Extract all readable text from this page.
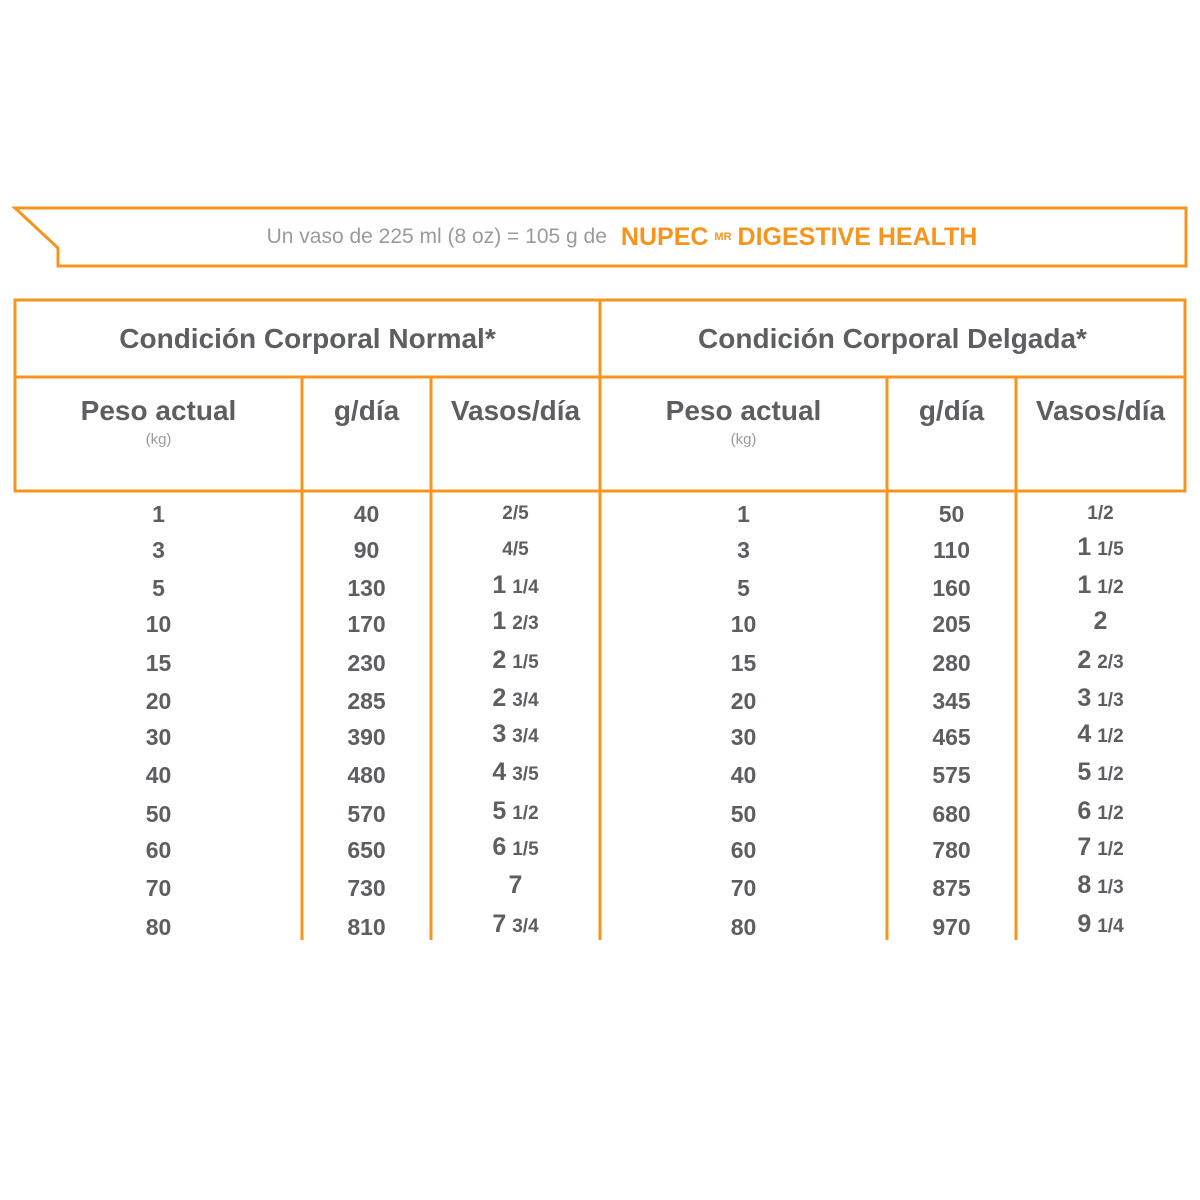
Un vaso de 225 ml (8 oz) = 105 g de NUPEC MR DIGESTIVE HEALTH
Condición Corporal Normal*
Peso actual
(kg)
g/día	Vasos/día
1	40	2/5
3	90	4/5
5	130	1 1/4
10	170	1 2/3
15	230	2 1/5
20	285	2 3/4
30	390	3 3/4
40	480	4 3/5
50	570	5 1/2
60	650	6 1/5
70	730	7
80	810	7 3/4
Condición Corporal Delgada*
Peso actual
(kg)
g/día	Vasos/día
1	50	1/2
3	110	1 1/5
5	160	1 1/2
10	205	2
15	280	2 2/3
20	345	3 1/3
30	465	4 1/2
40	575	5 1/2
50	680	6 1/2
60	780	7 1/2
70	875	8 1/3
80	970	9 1/4
